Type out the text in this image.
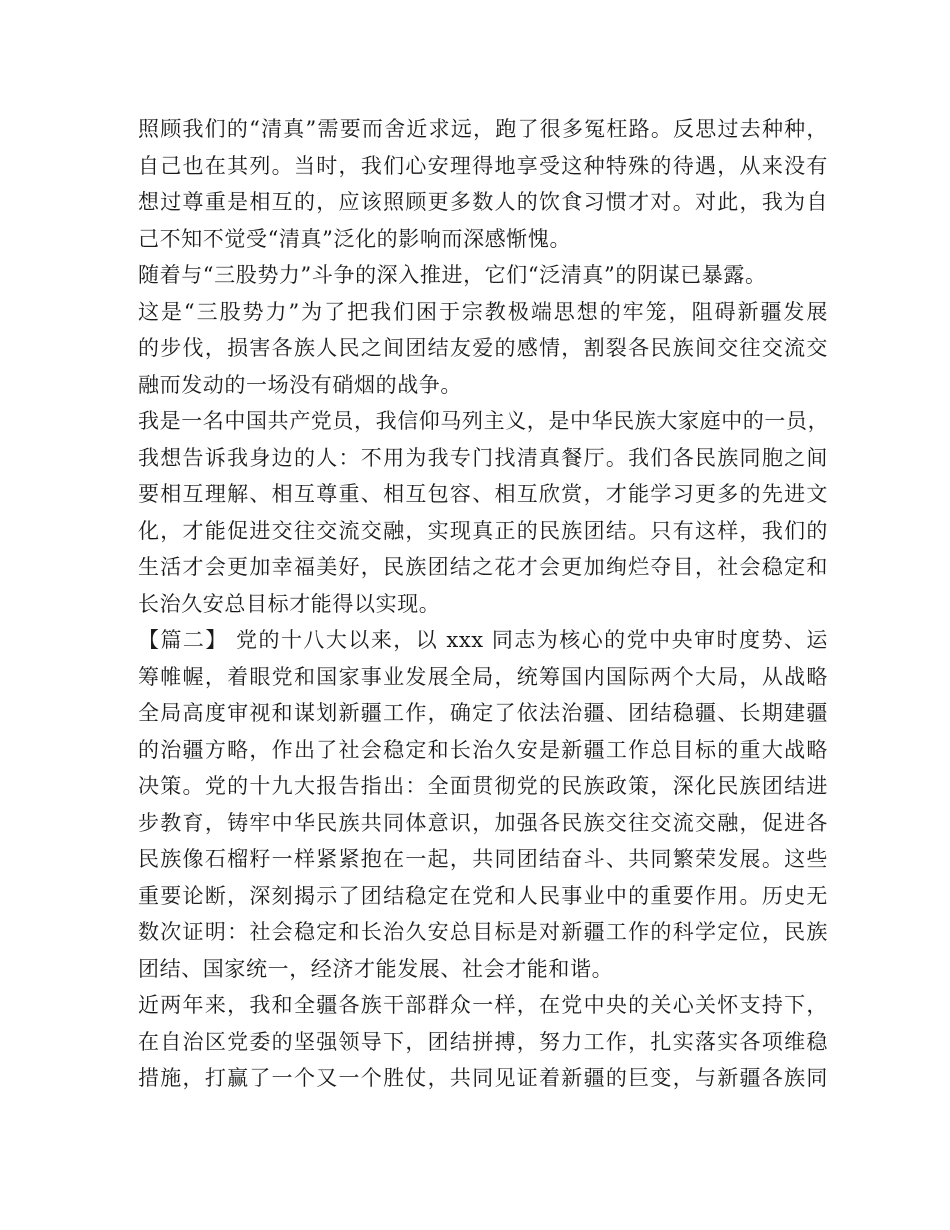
照顾我们的“清真”需要而舍近求远，跑了很多冤枉路。反思过去种种，
自己也在其列。当时，我们心安理得地享受这种特殊的待遇，从来没有
想过尊重是相互的，应该照顾更多数人的饮食习惯才对。对此，我为自
己不知不觉受“清真”泛化的影响而深感惭愧。
随着与“三股势力”斗争的深入推进，它们“泛清真”的阴谋已暴露。
这是“三股势力”为了把我们困于宗教极端思想的牢笼，阻碍新疆发展
的步伐，损害各族人民之间团结友爱的感情，割裂各民族间交往交流交
融而发动的一场没有硝烟的战争。
我是一名中国共产党员，我信仰马列主义，是中华民族大家庭中的一员，
我想告诉我身边的人：不用为我专门找清真餐厅。我们各民族同胞之间
要相互理解、相互尊重、相互包容、相互欣赏，才能学习更多的先进文
化，才能促进交往交流交融，实现真正的民族团结。只有这样，我们的
生活才会更加幸福美好，民族团结之花才会更加绚烂夺目，社会稳定和
长治久安总目标才能得以实现。
【篇二】 党的十八大以来，以 xxx 同志为核心的党中央审时度势、运
筹帷幄，着眼党和国家事业发展全局，统筹国内国际两个大局，从战略
全局高度审视和谋划新疆工作，确定了依法治疆、团结稳疆、长期建疆
的治疆方略，作出了社会稳定和长治久安是新疆工作总目标的重大战略
决策。党的十九大报告指出：全面贯彻党的民族政策，深化民族团结进
步教育，铸牢中华民族共同体意识，加强各民族交往交流交融，促进各
民族像石榴籽一样紧紧抱在一起，共同团结奋斗、共同繁荣发展。这些
重要论断，深刻揭示了团结稳定在党和人民事业中的重要作用。历史无
数次证明：社会稳定和长治久安总目标是对新疆工作的科学定位，民族
团结、国家统一，经济才能发展、社会才能和谐。
近两年来，我和全疆各族干部群众一样，在党中央的关心关怀支持下，
在自治区党委的坚强领导下，团结拼搏，努力工作，扎实落实各项维稳
措施，打赢了一个又一个胜仗，共同见证着新疆的巨变，与新疆各族同
